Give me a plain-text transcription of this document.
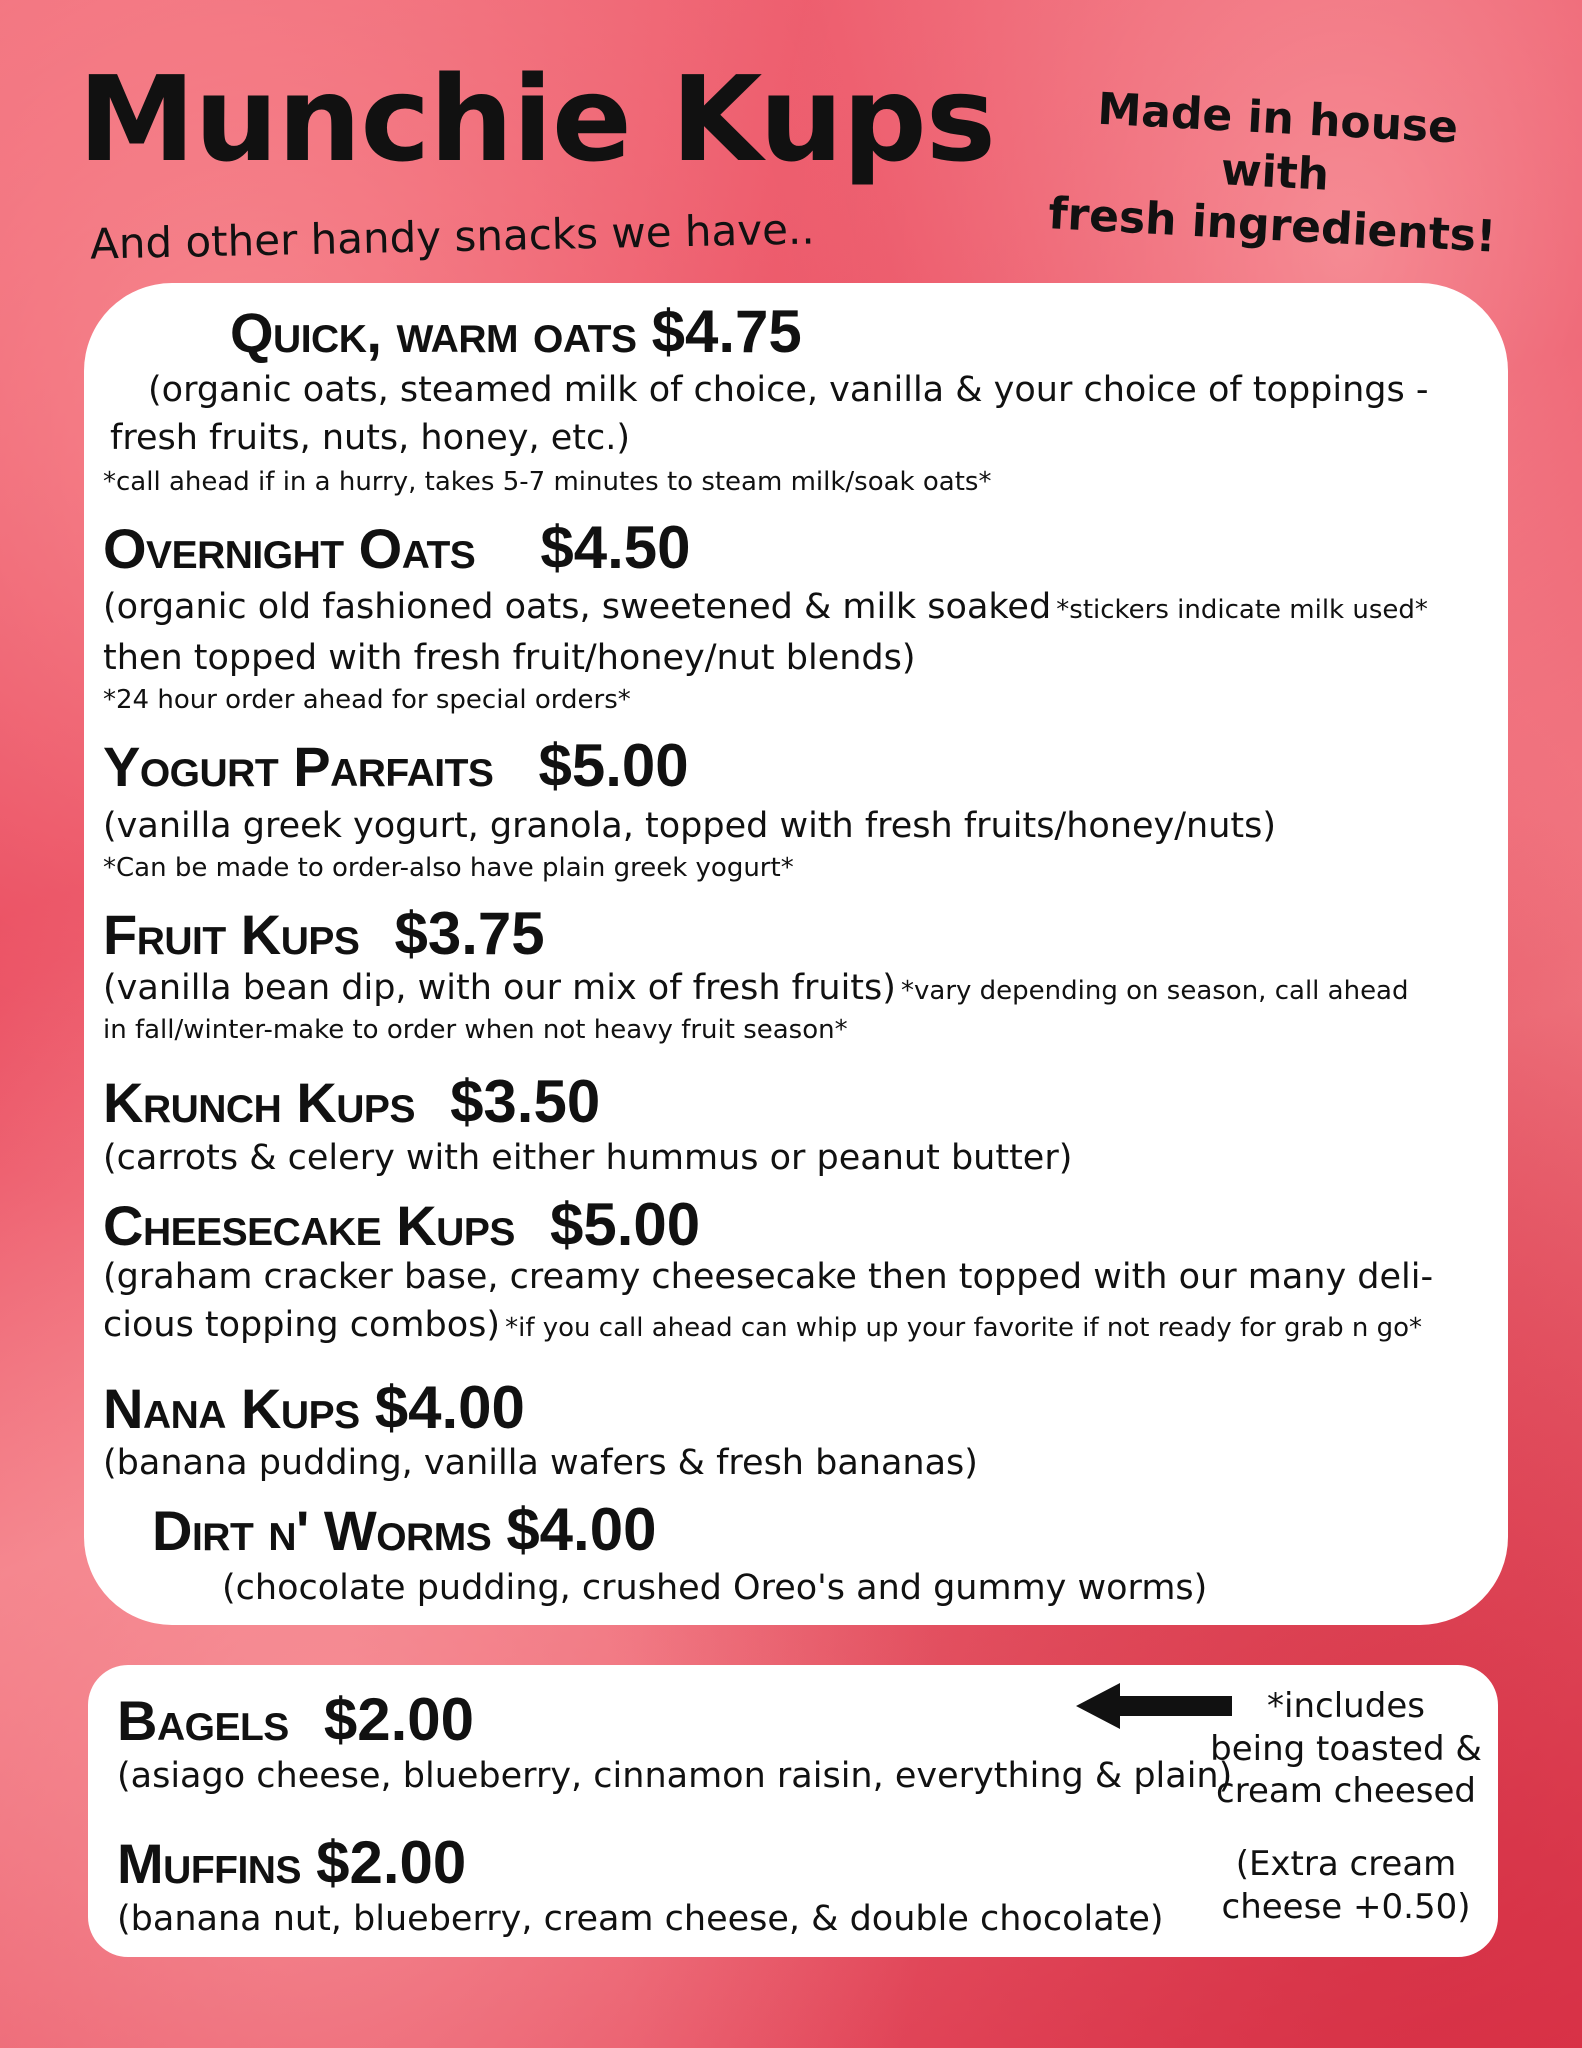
Munchie Kups
And other handy snacks we have..
Made in house with
fresh ingredients!
Quick, warm oats $4.75
(organic oats, steamed milk of choice, vanilla & your choice of toppings - fresh fruits, nuts, honey, etc.)
*call ahead if in a hurry, takes 5-7 minutes to steam milk/soak oats*
Overnight Oats $4.50
(organic old fashioned oats, sweetened & milk soaked *stickers indicate milk used*
then topped with fresh fruit/honey/nut blends)
*24 hour order ahead for special orders*
Yogurt Parfaits $5.00
(vanilla greek yogurt, granola, topped with fresh fruits/honey/nuts)
*Can be made to order-also have plain greek yogurt*
Fruit Kups $3.75
(vanilla bean dip, with our mix of fresh fruits) *vary depending on season, call ahead in fall/winter-make to order when not heavy fruit season*
Krunch Kups $3.50
(carrots & celery with either hummus or peanut butter)
Cheesecake Kups $5.00
(graham cracker base, creamy cheesecake then topped with our many deli- cious topping combos) *if you call ahead can whip up your favorite if not ready for grab n go*
Nana Kups $4.00
(banana pudding, vanilla wafers & fresh bananas)
Dirt n' Worms $4.00
(chocolate pudding, crushed Oreo's and gummy worms)
Bagels $2.00
(asiago cheese, blueberry, cinnamon raisin, everything & plain)
Muffins $2.00
(banana nut, blueberry, cream cheese, & double chocolate)
*includes
being toasted &
cream cheesed
(Extra cream
cheese +0.50)
